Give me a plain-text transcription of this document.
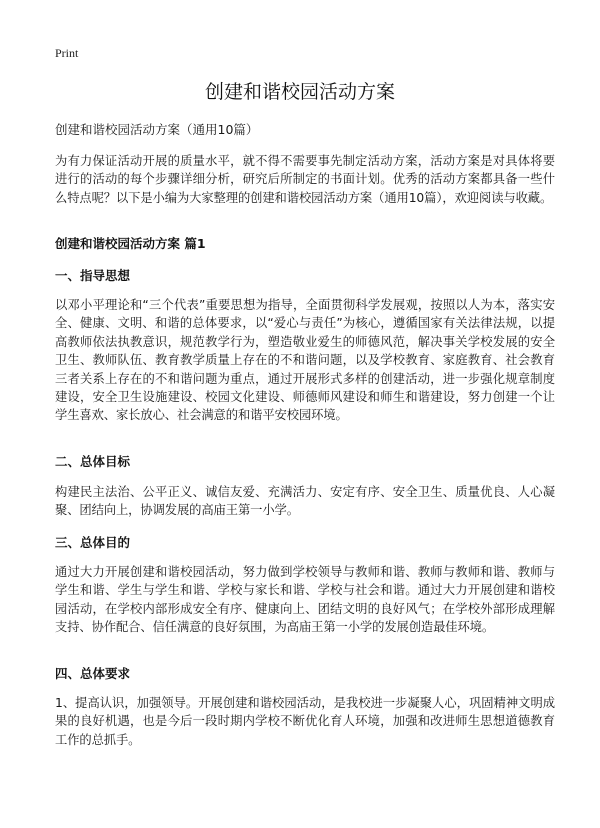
Print
创建和谐校园活动方案

创建和谐校园活动方案（通用10篇）

为有力保证活动开展的质量水平，就不得不需要事先制定活动方案，活动方案是对具体将要进行的活动的每个步骤详细分析，研究后所制定的书面计划。优秀的活动方案都具备一些什么特点呢？以下是小编为大家整理的创建和谐校园活动方案（通用10篇），欢迎阅读与收藏。

创建和谐校园活动方案 篇1
一、指导思想

以邓小平理论和“三个代表”重要思想为指导，全面贯彻科学发展观，按照以人为本，落实安全、健康、文明、和谐的总体要求，以“爱心与责任”为核心，遵循国家有关法律法规，以提高教师依法执教意识，规范教学行为，塑造敬业爱生的师德风范，解决事关学校发展的安全卫生、教师队伍、教育教学质量上存在的不和谐问题，以及学校教育、家庭教育、社会教育三者关系上存在的不和谐问题为重点，通过开展形式多样的创建活动，进一步强化规章制度建设，安全卫生设施建设、校园文化建设、师德师风建设和师生和谐建设，努力创建一个让学生喜欢、家长放心、社会满意的和谐平安校园环境。

二、总体目标

构建民主法治、公平正义、诚信友爱、充满活力、安定有序、安全卫生、质量优良、人心凝聚、团结向上，协调发展的高庙王第一小学。

三、总体目的

通过大力开展创建和谐校园活动，努力做到学校领导与教师和谐、教师与教师和谐、教师与学生和谐、学生与学生和谐、学校与家长和谐、学校与社会和谐。通过大力开展创建和谐校园活动，在学校内部形成安全有序、健康向上、团结文明的良好风气；在学校外部形成理解支持、协作配合、信任满意的良好氛围，为高庙王第一小学的发展创造最佳环境。

四、总体要求

1、提高认识，加强领导。开展创建和谐校园活动，是我校进一步凝聚人心，巩固精神文明成果的良好机遇，也是今后一段时期内学校不断优化育人环境，加强和改进师生思想道德教育工作的总抓手。
